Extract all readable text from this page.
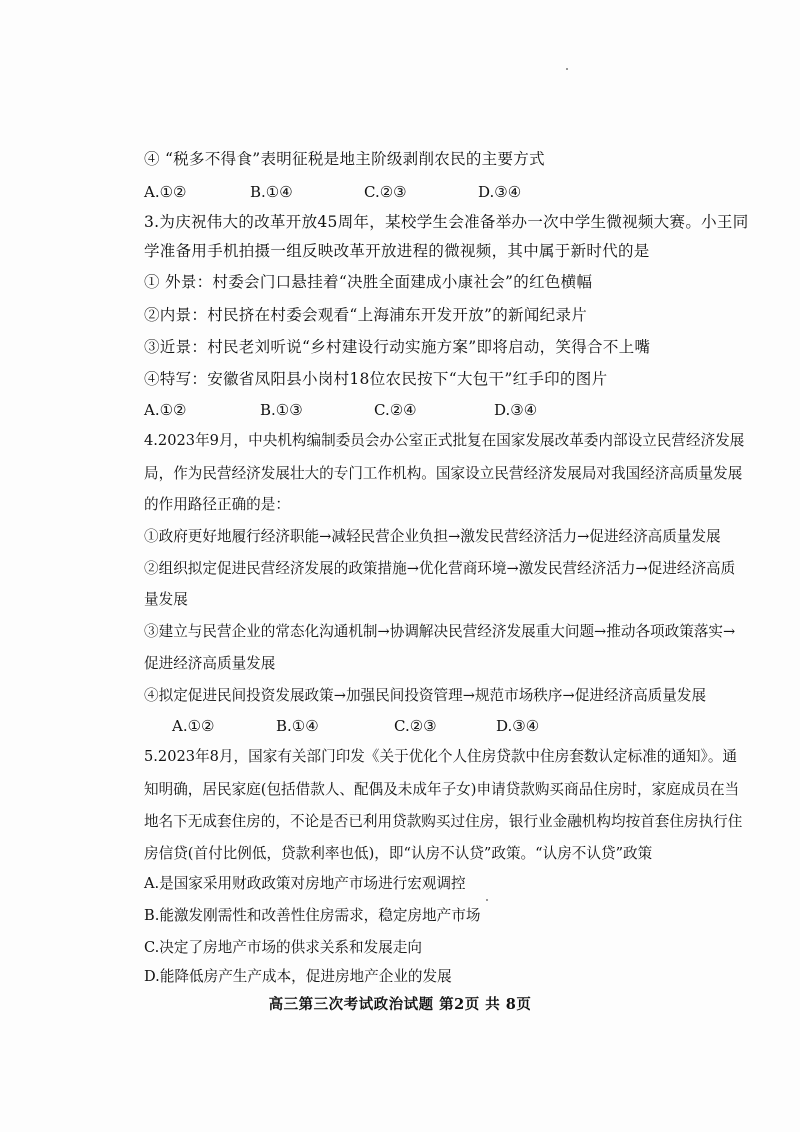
④ “税多不得食”表明征税是地主阶级剥削农民的主要方式
A.①②	B.①④	C.②③	D.③④
3.为庆祝伟大的改革开放45周年，某校学生会准备举办一次中学生微视频大赛。小王同
学准备用手机拍摄一组反映改革开放进程的微视频，其中属于新时代的是
① 外景：村委会门口悬挂着“决胜全面建成小康社会”的红色横幅
②内景：村民挤在村委会观看“上海浦东开发开放”的新闻纪录片
③近景：村民老刘听说“乡村建设行动实施方案”即将启动，笑得合不上嘴
④特写：安徽省凤阳县小岗村18位农民按下“大包干”红手印的图片
A.①②	B.①③	C.②④	D.③④
4.2023年9月，中央机构编制委员会办公室正式批复在国家发展改革委内部设立民营经济发展
局，作为民营经济发展壮大的专门工作机构。国家设立民营经济发展局对我国经济高质量发展
的作用路径正确的是：
①政府更好地履行经济职能→减轻民营企业负担→激发民营经济活力→促进经济高质量发展
②组织拟定促进民营经济发展的政策措施→优化营商环境→激发民营经济活力→促进经济高质
量发展
③建立与民营企业的常态化沟通机制→协调解决民营经济发展重大问题→推动各项政策落实→
促进经济高质量发展
④拟定促进民间投资发展政策→加强民间投资管理→规范市场秩序→促进经济高质量发展
A.①②	B.①④	C.②③	D.③④
5.2023年8月，国家有关部门印发《关于优化个人住房贷款中住房套数认定标准的通知》。通
知明确，居民家庭(包括借款人、配偶及未成年子女)申请贷款购买商品住房时，家庭成员在当
地名下无成套住房的，不论是否已利用贷款购买过住房，银行业金融机构均按首套住房执行住
房信贷(首付比例低，贷款利率也低)，即“认房不认贷”政策。“认房不认贷”政策
A.是国家采用财政政策对房地产市场进行宏观调控
B.能激发刚需性和改善性住房需求，稳定房地产市场
C.决定了房地产市场的供求关系和发展走向
D.能降低房产生产成本，促进房地产企业的发展
高三第三次考试政治试题 第2页 共 8页
